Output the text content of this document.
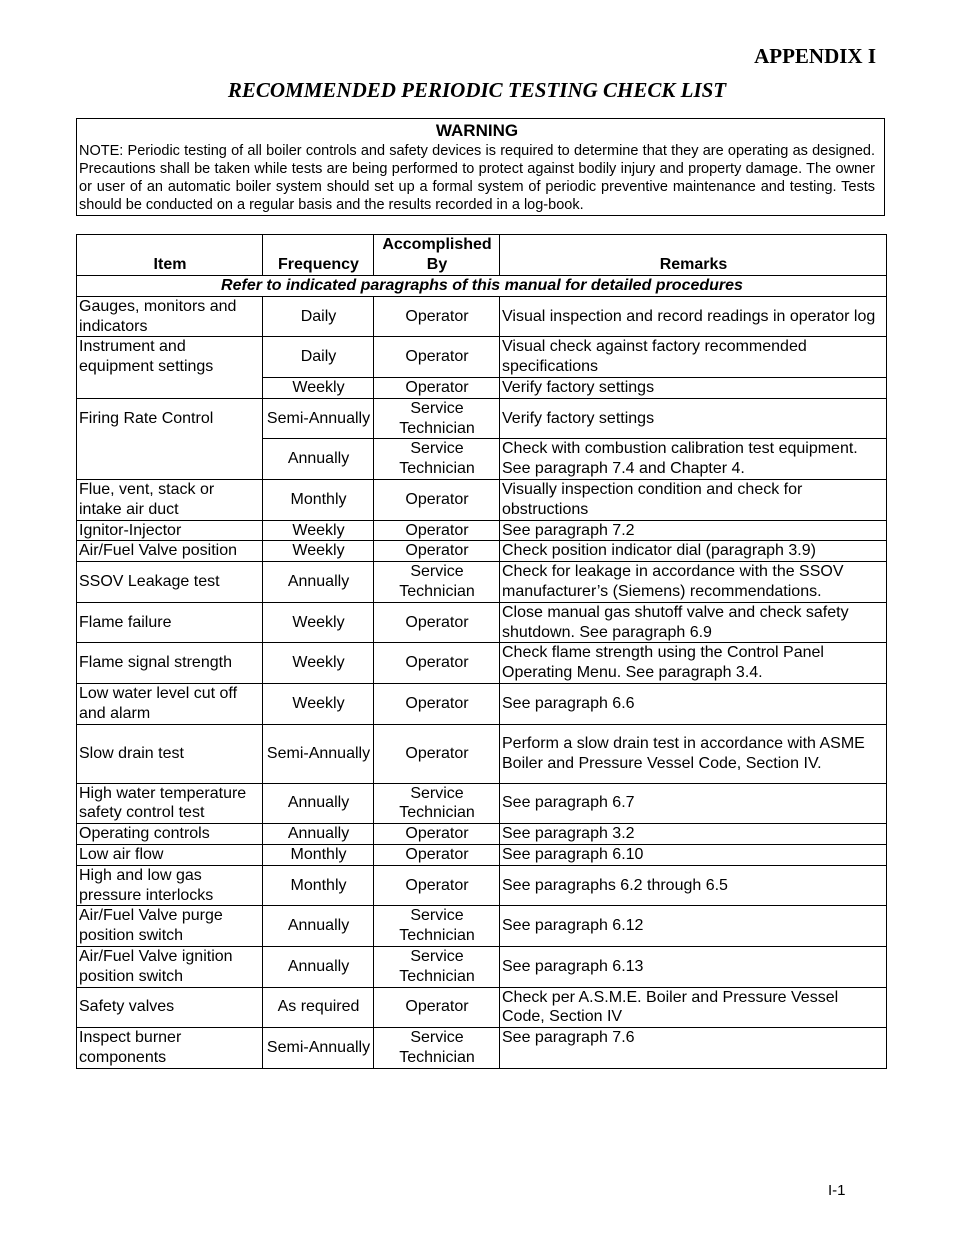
APPENDIX I
RECOMMENDED PERIODIC TESTING CHECK LIST
WARNING
NOTE: Periodic testing of all boiler controls and safety devices is required to determine that they are operating as designed. Precautions shall be taken while tests are being performed to protect against bodily injury and property damage. The owner or user of an automatic boiler system should set up a formal system of periodic preventive maintenance and testing. Tests should be conducted on a regular basis and the results recorded in a log-book.
Item	Frequency	Accomplished By	Remarks
Refer to indicated paragraphs of this manual for detailed procedures			
Gauges, monitors and indicators	Daily	Operator	Visual inspection and record readings in operator log
Instrument and equipment settings	Daily	Operator	Visual check against factory recommended specifications
	Weekly	Operator	Verify factory settings
Firing Rate Control	Semi-Annually	Service Technician	Verify factory settings
	Annually	Service Technician	Check with combustion calibration test equipment. See paragraph 7.4 and Chapter 4.
Flue, vent, stack or intake air duct	Monthly	Operator	Visually inspection condition and check for obstructions
Ignitor-Injector	Weekly	Operator	See paragraph 7.2
Air/Fuel Valve position	Weekly	Operator	Check position indicator dial (paragraph 3.9)
SSOV Leakage test	Annually	Service Technician	Check for leakage in accordance with the SSOV manufacturer’s (Siemens) recommendations.
Flame failure	Weekly	Operator	Close manual gas shutoff valve and check safety shutdown. See paragraph 6.9
Flame signal strength	Weekly	Operator	Check flame strength using the Control Panel Operating Menu. See paragraph 3.4.
Low water level cut off and alarm	Weekly	Operator	See paragraph 6.6
Slow drain test	Semi-Annually	Operator	Perform a slow drain test in accordance with ASME Boiler and Pressure Vessel Code, Section IV.
High water temperature safety control test	Annually	Service Technician	See paragraph 6.7
Operating controls	Annually	Operator	See paragraph 3.2
Low air flow	Monthly	Operator	See paragraph 6.10
High and low gas pressure interlocks	Monthly	Operator	See paragraphs 6.2 through 6.5
Air/Fuel Valve purge position switch	Annually	Service Technician	See paragraph 6.12
Air/Fuel Valve ignition position switch	Annually	Service Technician	See paragraph 6.13
Safety valves	As required	Operator	Check per A.S.M.E. Boiler and Pressure Vessel Code, Section IV
Inspect burner components	Semi-Annually	Service Technician	See paragraph 7.6
I-1
